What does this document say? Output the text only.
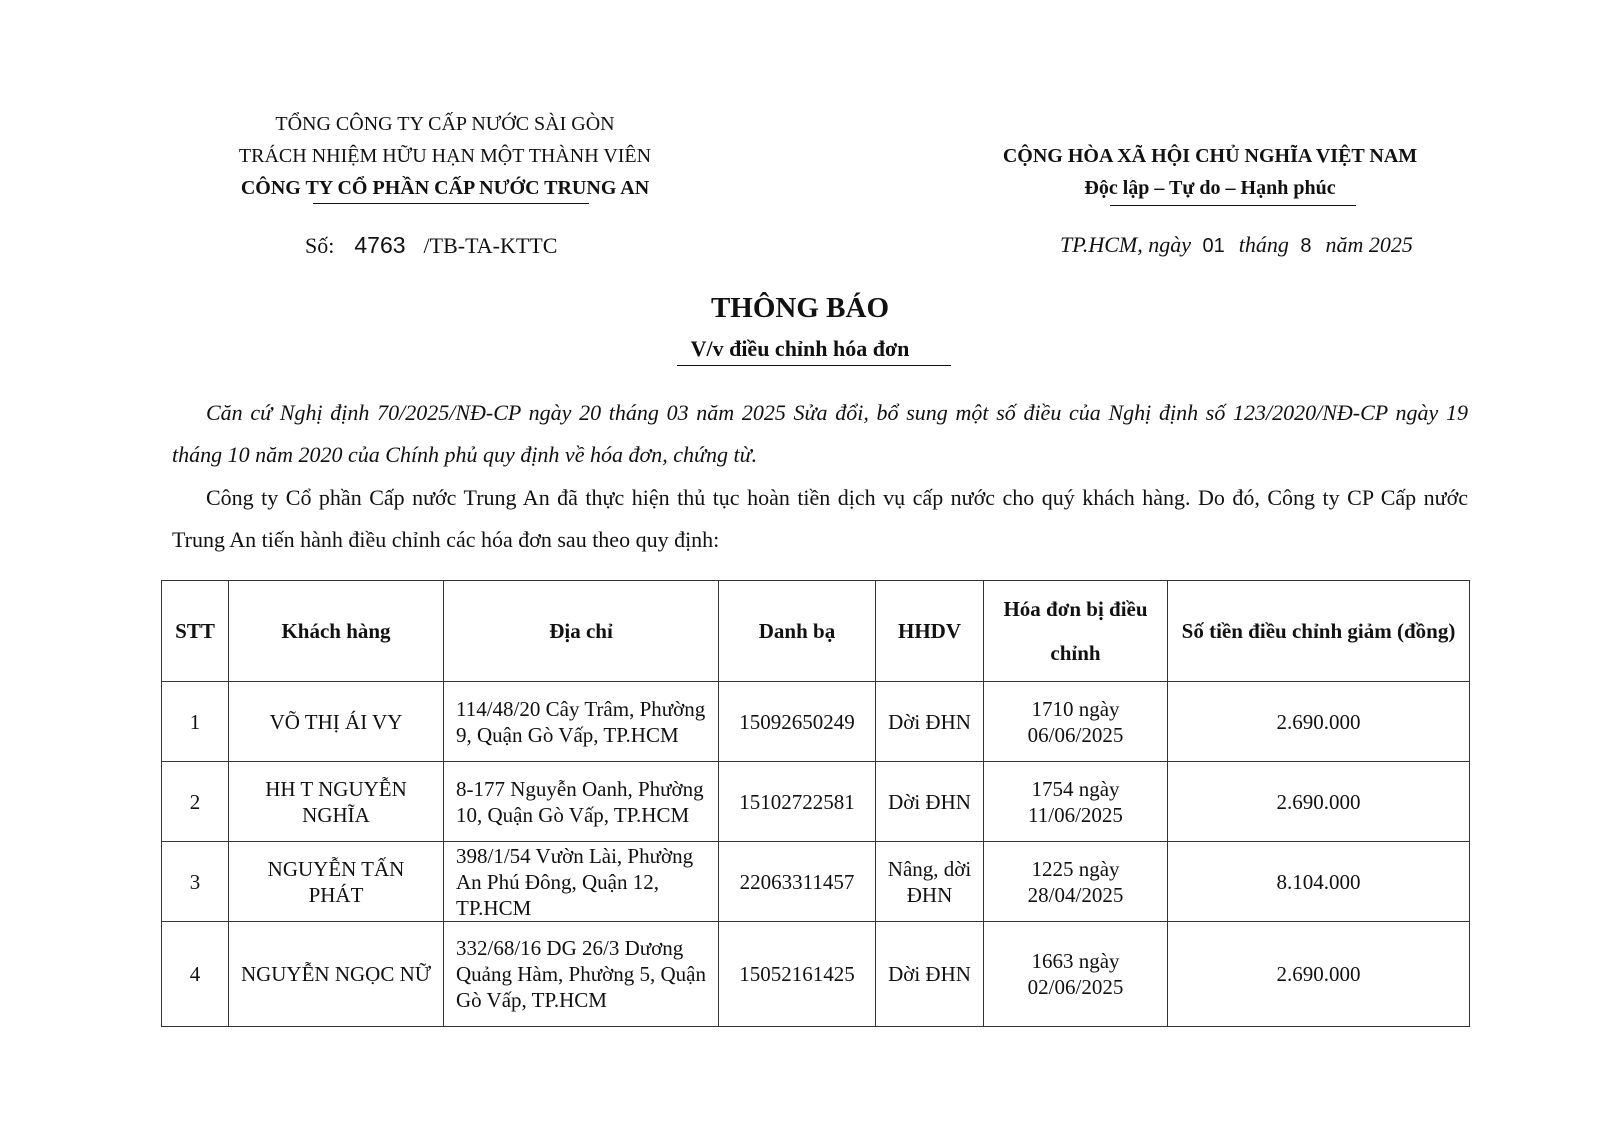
TỔNG CÔNG TY CẤP NƯỚC SÀI GÒN
TRÁCH NHIỆM HỮU HẠN MỘT THÀNH VIÊN
CÔNG TY CỔ PHẦN CẤP NƯỚC TRUNG AN
CỘNG HÒA XÃ HỘI CHỦ NGHĨA VIỆT NAM
Độc lập – Tự do – Hạnh phúc
Số: 4763 /TB-TA-KTTC	TP.HCM, ngày 01 tháng 8 năm 2025
THÔNG BÁO
V/v điều chỉnh hóa đơn
Căn cứ Nghị định 70/2025/NĐ-CP ngày 20 tháng 03 năm 2025 Sửa đổi, bổ sung một số điều của Nghị định số 123/2020/NĐ-CP ngày 19 tháng 10 năm 2020 của Chính phủ quy định về hóa đơn, chứng từ.
Công ty Cổ phần Cấp nước Trung An đã thực hiện thủ tục hoàn tiền dịch vụ cấp nước cho quý khách hàng. Do đó, Công ty CP Cấp nước Trung An tiến hành điều chỉnh các hóa đơn sau theo quy định:
STT	Khách hàng	Địa chỉ	Danh bạ	HHDV	Hóa đơn bị điều chỉnh	Số tiền điều chỉnh giảm (đồng)
1	VÕ THỊ ÁI VY	114/48/20 Cây Trâm, Phường 9, Quận Gò Vấp, TP.HCM	15092650249	Dời ĐHN	1710 ngày 06/06/2025	2.690.000
2	HH T NGUYỄN NGHĨA	8-177 Nguyễn Oanh, Phường 10, Quận Gò Vấp, TP.HCM	15102722581	Dời ĐHN	1754 ngày 11/06/2025	2.690.000
3	NGUYỄN TẤN PHÁT	398/1/54 Vườn Lài, Phường An Phú Đông, Quận 12, TP.HCM	22063311457	Nâng, dời ĐHN	1225 ngày 28/04/2025	8.104.000
4	NGUYỄN NGỌC NỮ	332/68/16 DG 26/3 Dương Quảng Hàm, Phường 5, Quận Gò Vấp, TP.HCM	15052161425	Dời ĐHN	1663 ngày 02/06/2025	2.690.000
